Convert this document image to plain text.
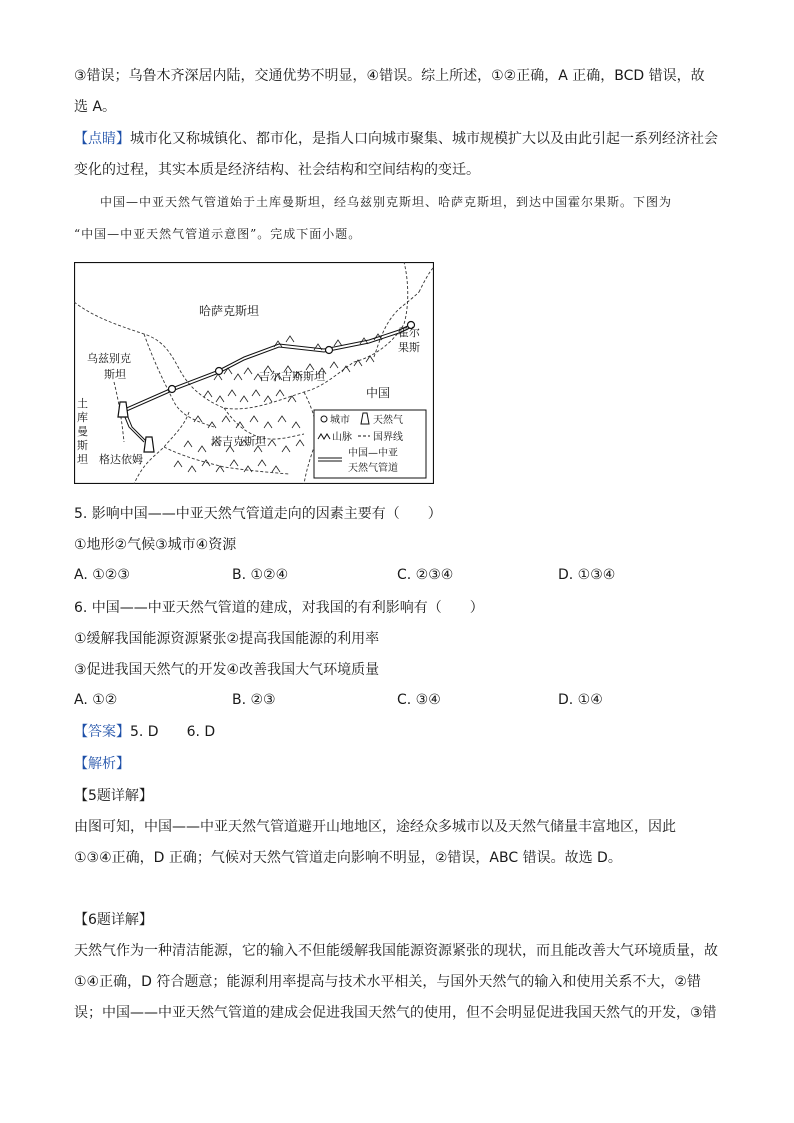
③错误；乌鲁木齐深居内陆，交通优势不明显，④错误。综上所述，①②正确，A 正确，BCD 错误，故
选 A。
【点睛】城市化又称城镇化、都市化，是指人口向城市聚集、城市规模扩大以及由此引起一系列经济社会
变化的过程，其实本质是经济结构、社会结构和空间结构的变迁。
中国—中亚天然气管道始于土库曼斯坦，经乌兹别克斯坦、哈萨克斯坦，到达中国霍尔果斯。下图为
“中国—中亚天然气管道示意图”。完成下面小题。
哈萨克斯坦
乌兹别克
斯坦	吉尔吉斯斯坦
塔吉克斯坦
土
库
曼
斯
坦 格达依姆
霍尔
果斯
中国
城市 天然气
山脉 国界线
中国—中亚
天然气管道
5. 影响中国——中亚天然气管道走向的因素主要有（　　）
①地形②气候③城市④资源
A. ①②③	B. ①②④	C. ②③④	D. ①③④
6. 中国——中亚天然气管道的建成，对我国的有利影响有（　　）
①缓解我国能源资源紧张②提高我国能源的利用率
③促进我国天然气的开发④改善我国大气环境质量
A. ①②	B. ②③	C. ③④	D. ①④
【答案】5. D　　6. D
【解析】
【5题详解】
由图可知，中国——中亚天然气管道避开山地地区，途经众多城市以及天然气储量丰富地区，因此
①③④正确，D 正确；气候对天然气管道走向影响不明显，②错误，ABC 错误。故选 D。
【6题详解】
天然气作为一种清洁能源，它的输入不但能缓解我国能源资源紧张的现状，而且能改善大气环境质量，故
①④正确，D 符合题意；能源利用率提高与技术水平相关，与国外天然气的输入和使用关系不大，②错
误；中国——中亚天然气管道的建成会促进我国天然气的使用，但不会明显促进我国天然气的开发，③错
